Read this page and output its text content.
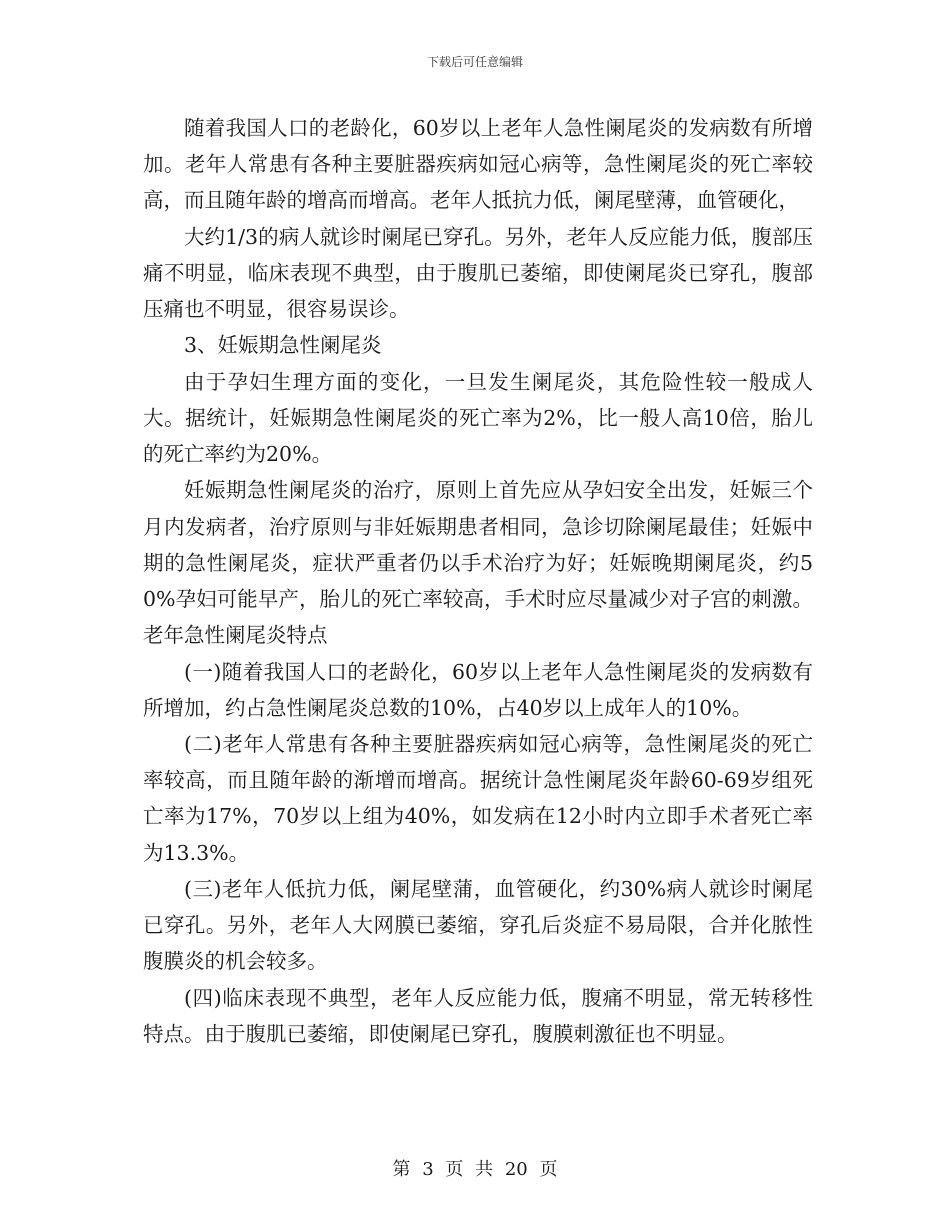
下载后可任意编辑

随着我国人口的老龄化，60岁以上老年人急性阑尾炎的发病数有所增加。老年人常患有各种主要脏器疾病如冠心病等，急性阑尾炎的死亡率较高，而且随年龄的增高而增高。老年人抵抗力低，阑尾壁薄，血管硬化，

大约1/3的病人就诊时阑尾已穿孔。另外，老年人反应能力低，腹部压痛不明显，临床表现不典型，由于腹肌已萎缩，即使阑尾炎已穿孔，腹部压痛也不明显，很容易误诊。

3、妊娠期急性阑尾炎

由于孕妇生理方面的变化，一旦发生阑尾炎，其危险性较一般成人大。据统计，妊娠期急性阑尾炎的死亡率为2%，比一般人高10倍，胎儿的死亡率约为20%。

妊娠期急性阑尾炎的治疗，原则上首先应从孕妇安全出发，妊娠三个月内发病者，治疗原则与非妊娠期患者相同，急诊切除阑尾最佳；妊娠中期的急性阑尾炎，症状严重者仍以手术治疗为好；妊娠晚期阑尾炎，约50%孕妇可能早产，胎儿的死亡率较高，手术时应尽量减少对子宫的刺激。 老年急性阑尾炎特点

(一)随着我国人口的老龄化，60岁以上老年人急性阑尾炎的发病数有所增加，约占急性阑尾炎总数的10%，占40岁以上成年人的10%。

(二)老年人常患有各种主要脏器疾病如冠心病等，急性阑尾炎的死亡率较高，而且随年龄的渐增而增高。据统计急性阑尾炎年龄60-69岁组死亡率为17%，70岁以上组为40%，如发病在12小时内立即手术者死亡率为13.3%。

(三)老年人低抗力低，阑尾壁蒲，血管硬化，约30%病人就诊时阑尾已穿孔。另外，老年人大网膜已萎缩，穿孔后炎症不易局限，合并化脓性腹膜炎的机会较多。

(四)临床表现不典型，老年人反应能力低，腹痛不明显，常无转移性特点。由于腹肌已萎缩，即使阑尾已穿孔，腹膜刺激征也不明显。

第 3 页 共 20 页
